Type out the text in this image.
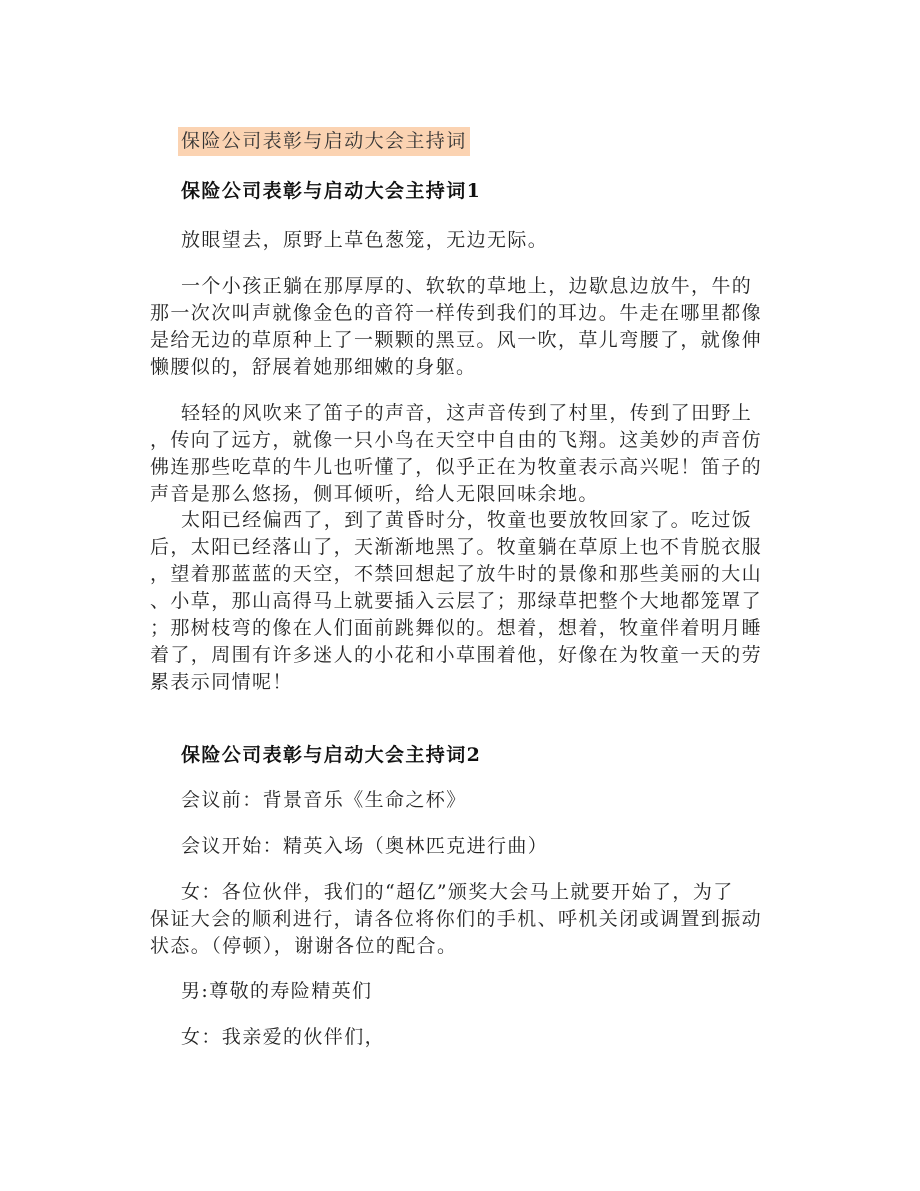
保险公司表彰与启动大会主持词
保险公司表彰与启动大会主持词1
放眼望去，原野上草色葱笼，无边无际。
一个小孩正躺在那厚厚的、软软的草地上，边歇息边放牛，牛的
那一次次叫声就像金色的音符一样传到我们的耳边。牛走在哪里都像
是给无边的草原种上了一颗颗的黑豆。风一吹，草儿弯腰了，就像伸
懒腰似的，舒展着她那细嫩的身躯。
轻轻的风吹来了笛子的声音，这声音传到了村里，传到了田野上
，传向了远方，就像一只小鸟在天空中自由的飞翔。这美妙的声音仿
佛连那些吃草的牛儿也听懂了，似乎正在为牧童表示高兴呢！笛子的
声音是那么悠扬，侧耳倾听，给人无限回味余地。
太阳已经偏西了，到了黄昏时分，牧童也要放牧回家了。吃过饭
后，太阳已经落山了，天渐渐地黑了。牧童躺在草原上也不肯脱衣服
，望着那蓝蓝的天空，不禁回想起了放牛时的景像和那些美丽的大山
、小草，那山高得马上就要插入云层了；那绿草把整个大地都笼罩了
；那树枝弯的像在人们面前跳舞似的。想着，想着，牧童伴着明月睡
着了，周围有许多迷人的小花和小草围着他，好像在为牧童一天的劳
累表示同情呢！
保险公司表彰与启动大会主持词2
会议前：背景音乐《生命之杯》
会议开始：精英入场（奥林匹克进行曲）
女：各位伙伴，我们的“超亿”颁奖大会马上就要开始了，为了
保证大会的顺利进行，请各位将你们的手机、呼机关闭或调置到振动
状态。（停顿），谢谢各位的配合。
男:尊敬的寿险精英们
女：我亲爱的伙伴们，
